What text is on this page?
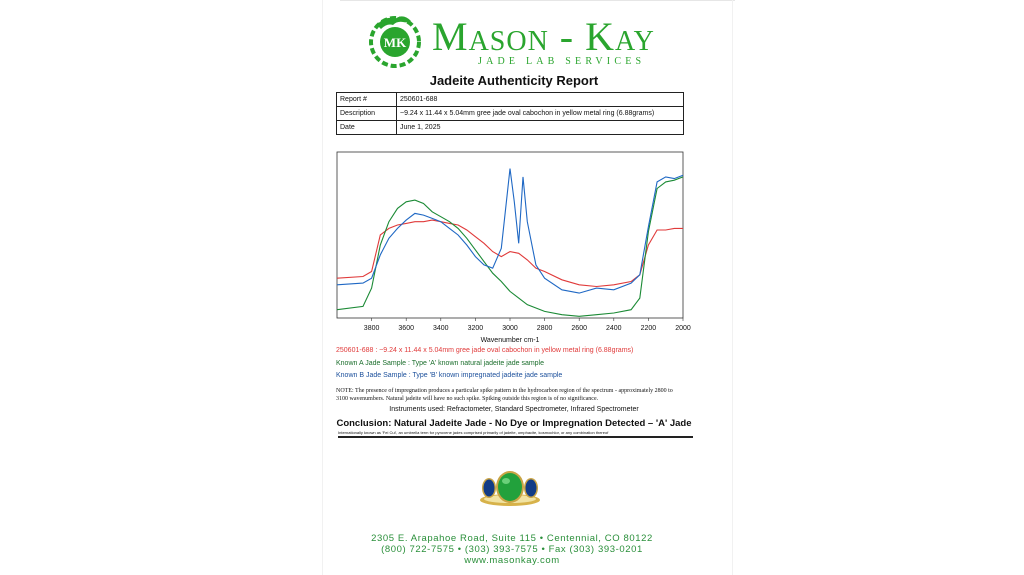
MK Mason - Kay
JADE LAB SERVICES
Jadeite Authenticity Report
Report #	250601-688
Description	~9.24 x 11.44 x 5.04mm gree jade oval cabochon in yellow metal ring (6.88grams)
Date	June 1, 2025
3800	3600	3400	3200	3000	2800	2600	2400	2200	2000
Wavenumber cm-1
250601-688 : ~9.24 x 11.44 x 5.04mm gree jade oval cabochon in yellow metal ring (6.88grams)
Known A Jade Sample : Type 'A' known natural jadeite jade sample
Known B Jade Sample : Type 'B' known impregnated jadeite jade sample
NOTE: The presence of impregnation produces a particular spike pattern in the hydrocarbon region of the spectrum - approximately 2800 to 3100 wavenumbers. Natural jadeite will have no such spike. Spiking outside this region is of no significance.
Instruments used: Refractometer, Standard Spectrometer, Infrared Spectrometer
Conclusion: Natural Jadeite Jade - No Dye or Impregnation Detected – 'A' Jade
Internationally known as 'Fei Cui', an umbrella term for pyroxene jades comprised primarily of jadeite, omphacite, kosmochlor, or any combination thereof
2305 E. Arapahoe Road, Suite 115 • Centennial, CO 80122
(800) 722-7575 • (303) 393-7575 • Fax (303) 393-0201
www.masonkay.com
